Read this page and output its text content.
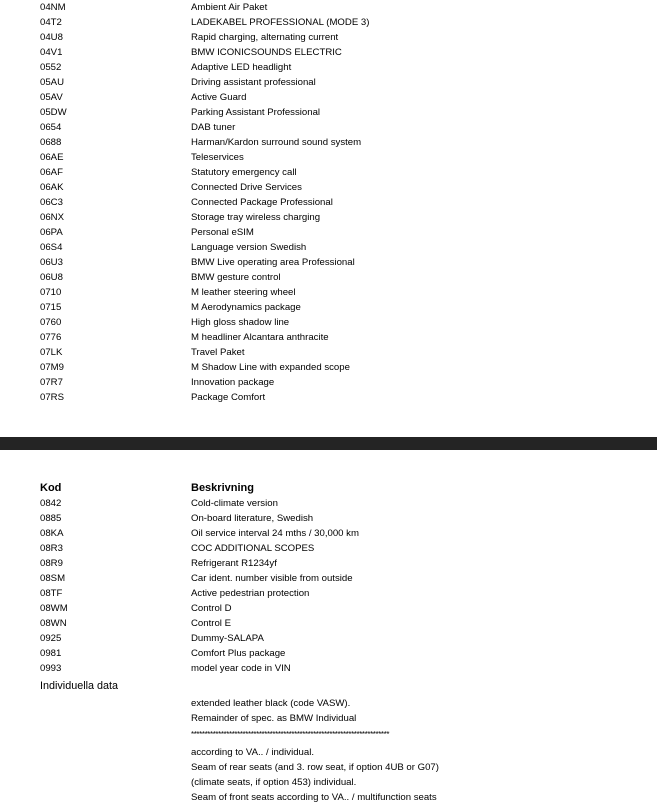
04NM	Ambient Air Paket
04T2	LADEKABEL PROFESSIONAL (MODE 3)
04U8	Rapid charging, alternating current
04V1	BMW ICONICSOUNDS ELECTRIC
0552	Adaptive LED headlight
05AU	Driving assistant professional
05AV	Active Guard
05DW	Parking Assistant Professional
0654	DAB tuner
0688	Harman/Kardon surround sound system
06AE	Teleservices
06AF	Statutory emergency call
06AK	Connected Drive Services
06C3	Connected Package Professional
06NX	Storage tray wireless charging
06PA	Personal eSIM
06S4	Language version Swedish
06U3	BMW Live operating area Professional
06U8	BMW gesture control
0710	M leather steering wheel
0715	M Aerodynamics package
0760	High gloss shadow line
0776	M headliner Alcantara anthracite
07LK	Travel Paket
07M9	M Shadow Line with expanded scope
07R7	Innovation package
07RS	Package Comfort
Kod	Beskrivning
0842	Cold-climate version
0885	On-board literature, Swedish
08KA	Oil service interval 24 mths / 30,000 km
08R3	COC ADDITIONAL SCOPES
08R9	Refrigerant R1234yf
08SM	Car ident. number visible from outside
08TF	Active pedestrian protection
08WM	Control D
08WN	Control E
0925	Dummy-SALAPA
0981	Comfort Plus package
0993	model year code in VIN
Individuella data
extended leather black (code VASW).
Remainder of spec. as BMW Individual
*************************************************************************
according to VA.. / individual.
Seam of rear seats (and 3. row seat, if option 4UB or G07)
(climate seats, if option 453) individual.
Seam of front seats according to VA.. / multifunction seats
